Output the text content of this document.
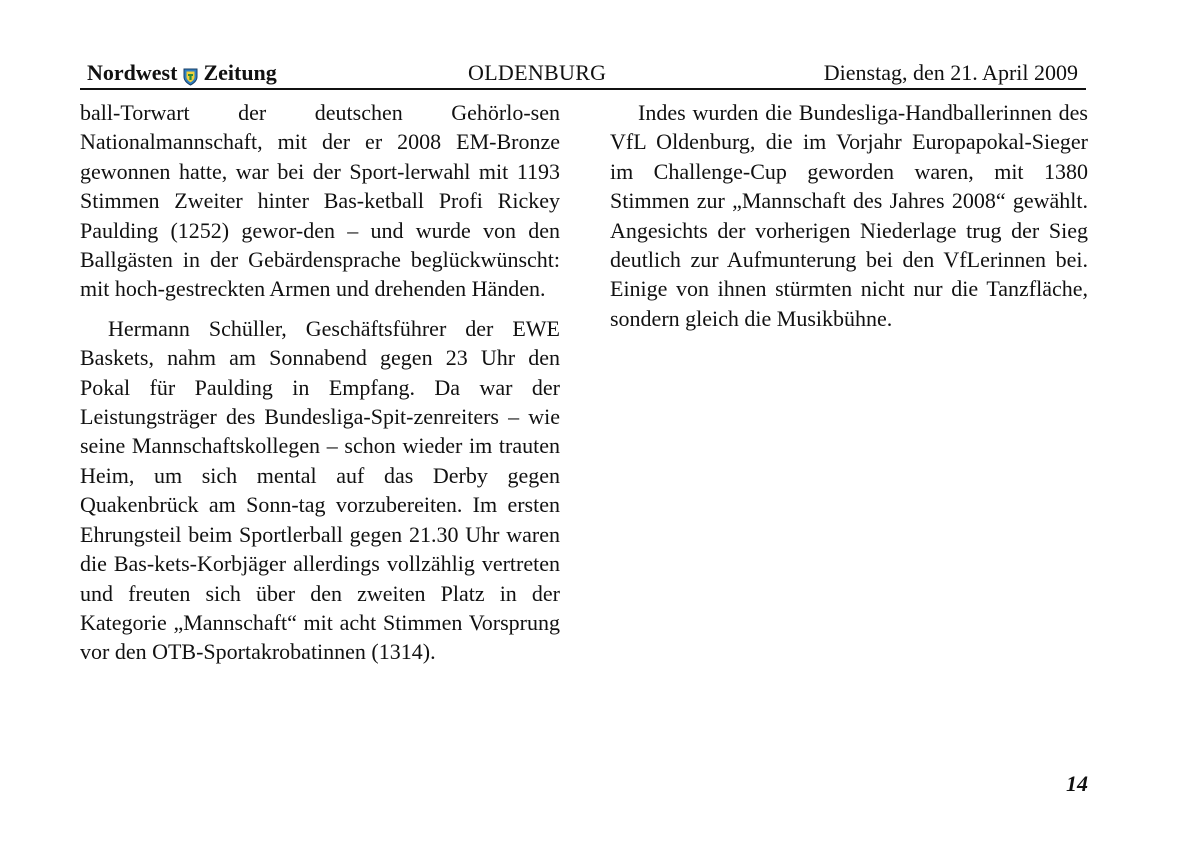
Nordwest Zeitung	OLDENBURG	Dienstag, den 21. April 2009

ball-Torwart der deutschen Gehörlo-sen Nationalmannschaft, mit der er 2008 EM-Bronze gewonnen hatte, war bei der Sport-lerwahl mit 1193 Stimmen Zweiter hinter Bas-ketball Profi Rickey Paulding (1252) gewor-den – und wurde von den Ballgästen in der Gebärdensprache beglückwünscht: mit hoch-gestreckten Armen und drehenden Händen.

Hermann Schüller, Geschäftsführer der EWE Baskets, nahm am Sonnabend gegen 23 Uhr den Pokal für Paulding in Empfang. Da war der Leistungsträger des Bundesliga-Spit-zenreiters – wie seine Mannschaftskollegen – schon wieder im trauten Heim, um sich mental auf das Derby gegen Quakenbrück am Sonn-tag vorzubereiten. Im ersten Ehrungsteil beim Sportlerball gegen 21.30 Uhr waren die Bas-kets-Korbjäger allerdings vollzählig vertreten und freuten sich über den zweiten Platz in der Kategorie „Mannschaft“ mit acht Stimmen Vorsprung vor den OTB-Sportakrobatinnen (1314).

Indes wurden die Bundesliga-Handballerinnen des VfL Oldenburg, die im Vorjahr Europapokal-Sieger im Challenge-Cup geworden waren, mit 1380 Stimmen zur „Mannschaft des Jahres 2008“ gewählt. Angesichts der vorherigen Niederlage trug der Sieg deutlich zur Aufmunterung bei den VfLerinnen bei. Einige von ihnen stürmten nicht nur die Tanzfläche, sondern gleich die Musikbühne.

14
